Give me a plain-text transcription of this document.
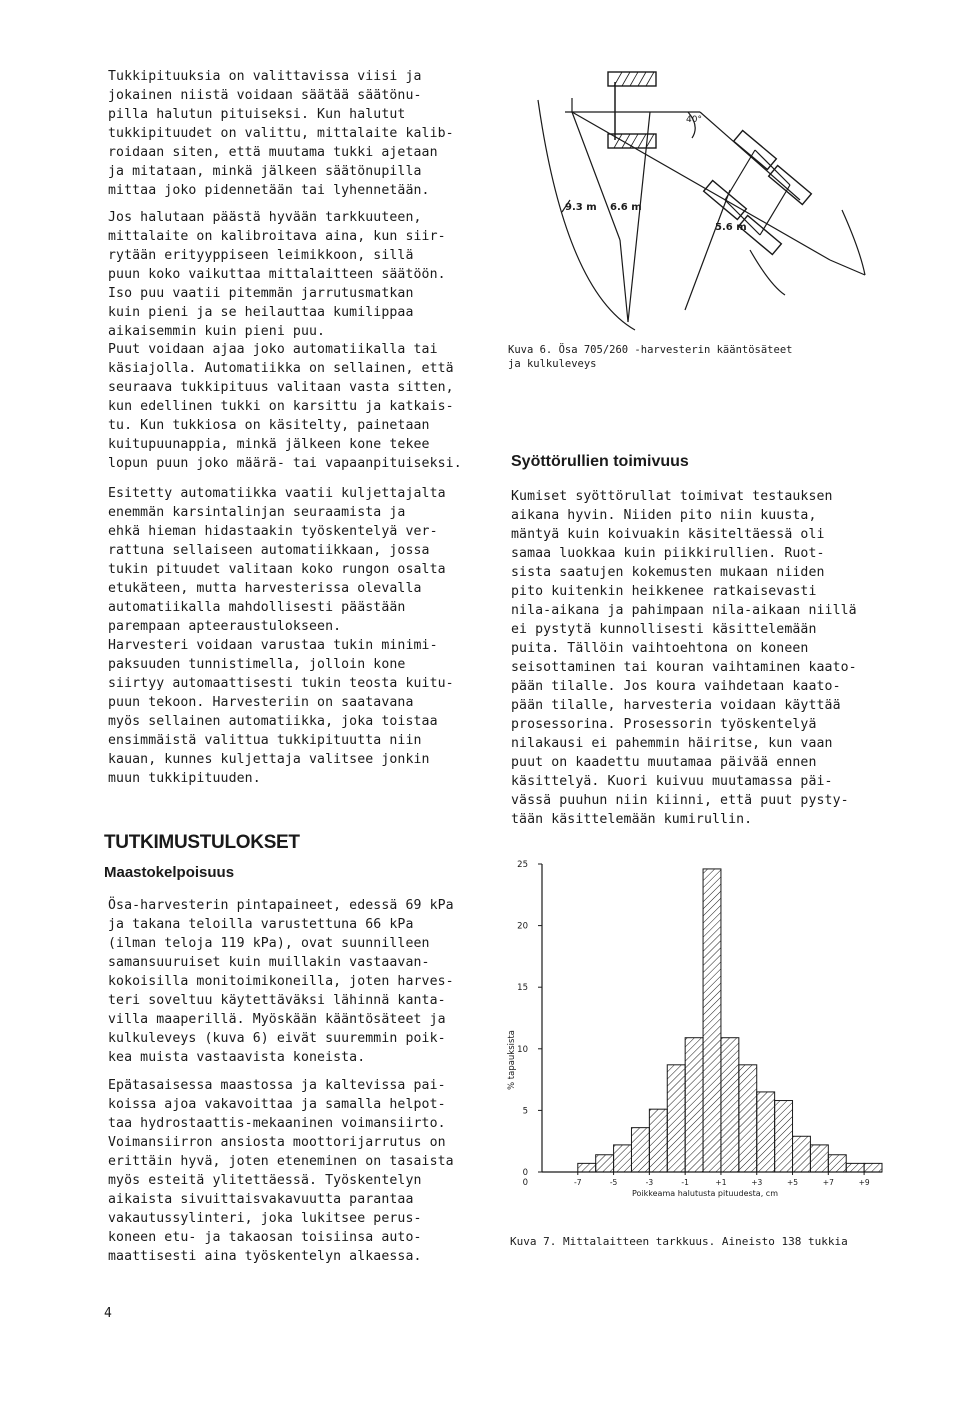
Tukkipituuksia on valittavissa viisi ja
jokainen niistä voidaan säätää säätönu-
pilla halutun pituiseksi. Kun halutut
tukkipituudet on valittu, mittalaite kalib-
roidaan siten, että muutama tukki ajetaan
ja mitataan, minkä jälkeen säätönupilla
mittaa joko pidennetään tai lyhennetään.
Jos halutaan päästä hyvään tarkkuuteen,
mittalaite on kalibroitava aina, kun siir-
rytään erityyppiseen leimikkoon, sillä
puun koko vaikuttaa mittalaitteen säätöön.
Iso puu vaatii pitemmän jarrutusmatkan
kuin pieni ja se heilauttaa kumilippaa
aikaisemmin kuin pieni puu.
Puut voidaan ajaa joko automatiikalla tai
käsiajolla. Automatiikka on sellainen, että
seuraava tukkipituus valitaan vasta sitten,
kun edellinen tukki on karsittu ja katkais-
tu. Kun tukkiosa on käsitelty, painetaan
kuitupuunappia, minkä jälkeen kone tekee
lopun puun joko määrä- tai vapaanpituiseksi.
Esitetty automatiikka vaatii kuljettajalta
enemmän karsintalinjan seuraamista ja
ehkä hieman hidastaakin työskentelyä ver-
rattuna sellaiseen automatiikkaan, jossa
tukin pituudet valitaan koko rungon osalta
etukäteen, mutta harvesterissa olevalla
automatiikalla mahdollisesti päästään
parempaan apteeraustulokseen.
Harvesteri voidaan varustaa tukin minimi-
paksuuden tunnistimella, jolloin kone
siirtyy automaattisesti tukin teosta kuitu-
puun tekoon. Harvesteriin on saatavana
myös sellainen automatiikka, joka toistaa
ensimmäistä valittua tukkipituutta niin
kauan, kunnes kuljettaja valitsee jonkin
muun tukkipituuden.
TUTKIMUSTULOKSET
Maastokelpoisuus
Ösa-harvesterin pintapaineet, edessä 69 kPa
ja takana teloilla varustettuna 66 kPa
(ilman teloja 119 kPa), ovat suunnilleen
samansuuruiset kuin muillakin vastaavan-
kokoisilla monitoimikoneilla, joten harves-
teri soveltuu käytettäväksi lähinnä kanta-
villa maaperillä. Myöskään kääntösäteet ja
kulkuleveys (kuva 6) eivät suuremmin poik-
kea muista vastaavista koneista.
Epätasaisessa maastossa ja kaltevissa pai-
koissa ajoa vakavoittaa ja samalla helpot-
taa hydrostaattis-mekaaninen voimansiirto.
Voimansiirron ansiosta moottorijarrutus on
erittäin hyvä, joten eteneminen on tasaista
myös esteitä ylitettäessä. Työskentelyn
aikaista sivuittaisvakavuutta parantaa
vakautussylinteri, joka lukitsee perus-
koneen etu- ja takaosan toisiinsa auto-
maattisesti aina työskentelyn alkaessa.
9.3 m 6.6 m
5.6 m
40°
Kuva 6. Ösa 705/260 -harvesterin kääntösäteet
ja kulkuleveys
Syöttörullien toimivuus
Kumiset syöttörullat toimivat testauksen
aikana hyvin. Niiden pito niin kuusta,
mäntyä kuin koivuakin käsiteltäessä oli
samaa luokkaa kuin piikkirullien. Ruot-
sista saatujen kokemusten mukaan niiden
pito kuitenkin heikkenee ratkaisevasti
nila-aikana ja pahimpaan nila-aikaan niillä
ei pystytä kunnollisesti käsittelemään
puita. Tällöin vaihtoehtona on koneen
seisottaminen tai kouran vaihtaminen kaato-
pään tilalle. Jos koura vaihdetaan kaato-
pään tilalle, harvesteria voidaan käyttää
prosessorina. Prosessorin työskentelyä
nilakausi ei pahemmin häiritse, kun vaan
puut on kaadettu muutamaa päivää ennen
käsittelyä. Kuori kuivuu muutamassa päi-
vässä puuhun niin kiinni, että puut pysty-
tään käsittelemään kumirullin.
0
5
10
15
20
25
-7	-5	-3	-1	+1	+3	+5	+7	+9
0
% tapauksista
Poikkeama halutusta pituudesta, cm
Kuva 7. Mittalaitteen tarkkuus. Aineisto 138 tukkia
4
